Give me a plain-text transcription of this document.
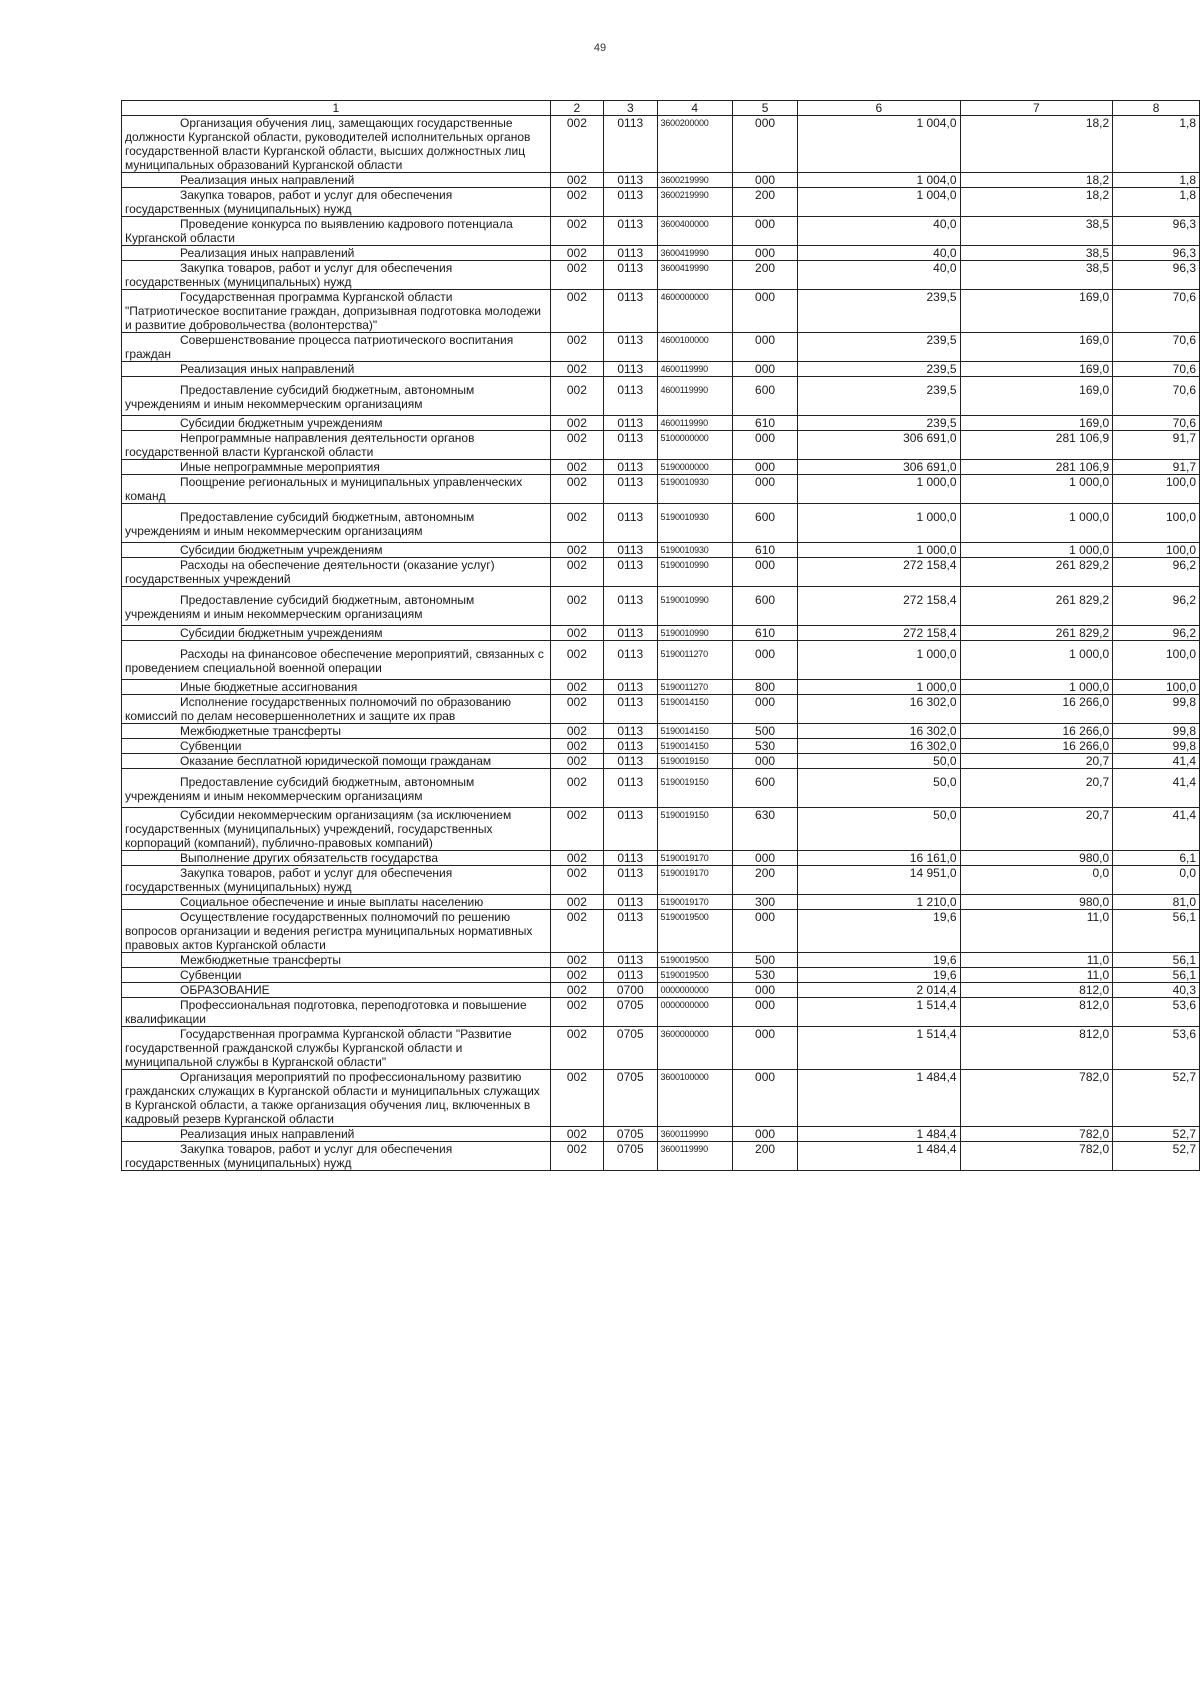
49
1	2	3	4	5	6	7	8
Организация обучения лиц, замещающих государственные должности Курганской области, руководителей исполнительных органов государственной власти Курганской области, высших должностных лиц муниципальных образований Курганской области	002	0113	3600200000	000	1 004,0	18,2	1,8
Реализация иных направлений	002	0113	3600219990	000	1 004,0	18,2	1,8
Закупка товаров, работ и услуг для обеспечения государственных (муниципальных) нужд	002	0113	3600219990	200	1 004,0	18,2	1,8
Проведение конкурса по выявлению кадрового потенциала Курганской области	002	0113	3600400000	000	40,0	38,5	96,3
Реализация иных направлений	002	0113	3600419990	000	40,0	38,5	96,3
Закупка товаров, работ и услуг для обеспечения государственных (муниципальных) нужд	002	0113	3600419990	200	40,0	38,5	96,3
Государственная программа Курганской области "Патриотическое воспитание граждан, допризывная подготовка молодежи и развитие добровольчества (волонтерства)"	002	0113	4600000000	000	239,5	169,0	70,6
Совершенствование процесса патриотического воспитания граждан	002	0113	4600100000	000	239,5	169,0	70,6
Реализация иных направлений	002	0113	4600119990	000	239,5	169,0	70,6
Предоставление субсидий бюджетным, автономным учреждениям и иным некоммерческим организациям	002	0113	4600119990	600	239,5	169,0	70,6
Субсидии бюджетным учреждениям	002	0113	4600119990	610	239,5	169,0	70,6
Непрограммные направления деятельности органов государственной власти Курганской области	002	0113	5100000000	000	306 691,0	281 106,9	91,7
Иные непрограммные мероприятия	002	0113	5190000000	000	306 691,0	281 106,9	91,7
Поощрение региональных и муниципальных управленческих команд	002	0113	5190010930	000	1 000,0	1 000,0	100,0
Предоставление субсидий бюджетным, автономным учреждениям и иным некоммерческим организациям	002	0113	5190010930	600	1 000,0	1 000,0	100,0
Субсидии бюджетным учреждениям	002	0113	5190010930	610	1 000,0	1 000,0	100,0
Расходы на обеспечение деятельности (оказание услуг) государственных учреждений	002	0113	5190010990	000	272 158,4	261 829,2	96,2
Предоставление субсидий бюджетным, автономным учреждениям и иным некоммерческим организациям	002	0113	5190010990	600	272 158,4	261 829,2	96,2
Субсидии бюджетным учреждениям	002	0113	5190010990	610	272 158,4	261 829,2	96,2
Расходы на финансовое обеспечение мероприятий, связанных с проведением специальной военной операции	002	0113	5190011270	000	1 000,0	1 000,0	100,0
Иные бюджетные ассигнования	002	0113	5190011270	800	1 000,0	1 000,0	100,0
Исполнение государственных полномочий по образованию комиссий по делам несовершеннолетних и защите их прав	002	0113	5190014150	000	16 302,0	16 266,0	99,8
Межбюджетные трансферты	002	0113	5190014150	500	16 302,0	16 266,0	99,8
Субвенции	002	0113	5190014150	530	16 302,0	16 266,0	99,8
Оказание бесплатной юридической помощи гражданам	002	0113	5190019150	000	50,0	20,7	41,4
Предоставление субсидий бюджетным, автономным учреждениям и иным некоммерческим организациям	002	0113	5190019150	600	50,0	20,7	41,4
Субсидии некоммерческим организациям (за исключением государственных (муниципальных) учреждений, государственных корпораций (компаний), публично-правовых компаний)	002	0113	5190019150	630	50,0	20,7	41,4
Выполнение других обязательств государства	002	0113	5190019170	000	16 161,0	980,0	6,1
Закупка товаров, работ и услуг для обеспечения государственных (муниципальных) нужд	002	0113	5190019170	200	14 951,0	0,0	0,0
Социальное обеспечение и иные выплаты населению	002	0113	5190019170	300	1 210,0	980,0	81,0
Осуществление государственных полномочий по решению вопросов организации и ведения регистра муниципальных нормативных правовых актов Курганской области	002	0113	5190019500	000	19,6	11,0	56,1
Межбюджетные трансферты	002	0113	5190019500	500	19,6	11,0	56,1
Субвенции	002	0113	5190019500	530	19,6	11,0	56,1
ОБРАЗОВАНИЕ	002	0700	0000000000	000	2 014,4	812,0	40,3
Профессиональная подготовка, переподготовка и повышение квалификации	002	0705	0000000000	000	1 514,4	812,0	53,6
Государственная программа Курганской области "Развитие государственной гражданской службы Курганской области и муниципальной службы в Курганской области"	002	0705	3600000000	000	1 514,4	812,0	53,6
Организация мероприятий по профессиональному развитию гражданских служащих в Курганской области и муниципальных служащих в Курганской области, а также организация обучения лиц, включенных в кадровый резерв Курганской области	002	0705	3600100000	000	1 484,4	782,0	52,7
Реализация иных направлений	002	0705	3600119990	000	1 484,4	782,0	52,7
Закупка товаров, работ и услуг для обеспечения государственных (муниципальных) нужд	002	0705	3600119990	200	1 484,4	782,0	52,7
